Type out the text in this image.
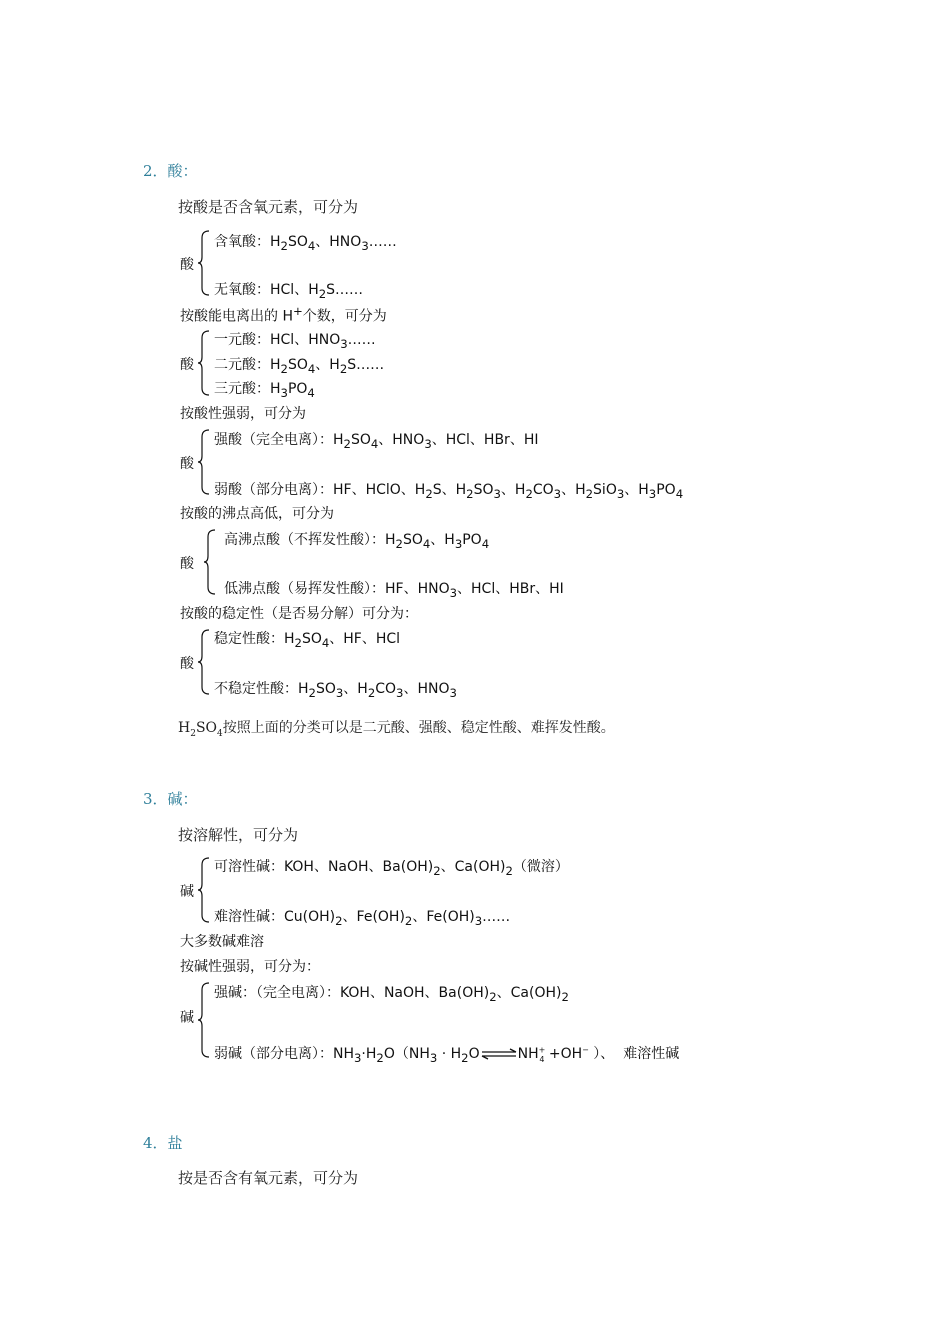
2．酸：
按酸是否含氧元素，可分为
酸
含氧酸：$H_2SO_4$、$HNO_3\dots\dots$
无氧酸：HCl、$H_2S\dots\dots$
按酸能电离出的 H+个数，可分为
酸
一元酸：HCl、$HNO_3\dots\dots$
二元酸：$H_2SO_4$、$H_2S\dots\dots$
三元酸：$H_3PO_4$
按酸性强弱，可分为
酸
强酸（完全电离）：$H_2SO_4$、$HNO_3$、HCl、HBr、HI
弱酸（部分电离）：HF、HClO、$H_2S$、$H_2SO_3$、$H_2CO_3$、$H_2SiO_3$、$H_3PO_4$
按酸的沸点高低，可分为
酸
高沸点酸（不挥发性酸）：$H_2SO_4$、$H_3PO_4$
低沸点酸（易挥发性酸）：HF、$HNO_3$、HCl、HBr、HI
按酸的稳定性（是否易分解）可分为：
酸
稳定性酸：$H_2SO_4$、HF、HCl
不稳定性酸：$H_2SO_3$、$H_2CO_3$、$HNO_3$
$H_2SO_4$按照上面的分类可以是二元酸、强酸、稳定性酸、难挥发性酸。
3．碱：
按溶解性，可分为
碱
可溶性碱：KOH、NaOH、$Ba(OH)_2$、$Ca(OH)_2$（微溶）
难溶性碱：$Cu(OH)_2$、$Fe(OH)_2$、$Fe(OH)_3\dots\dots$
大多数碱难溶
按碱性强弱，可分为：
碱
强碱：（完全电离）：KOH、NaOH、$Ba(OH)_2$、$Ca(OH)_2$
弱碱（部分电离）：$NH_3\cdot H_2O(NH_3$ · $H_2O\rightleftharpoons NH^+_4 +OH^-$ ）、  难溶性碱
4．盐
按是否含有氧元素，可分为
